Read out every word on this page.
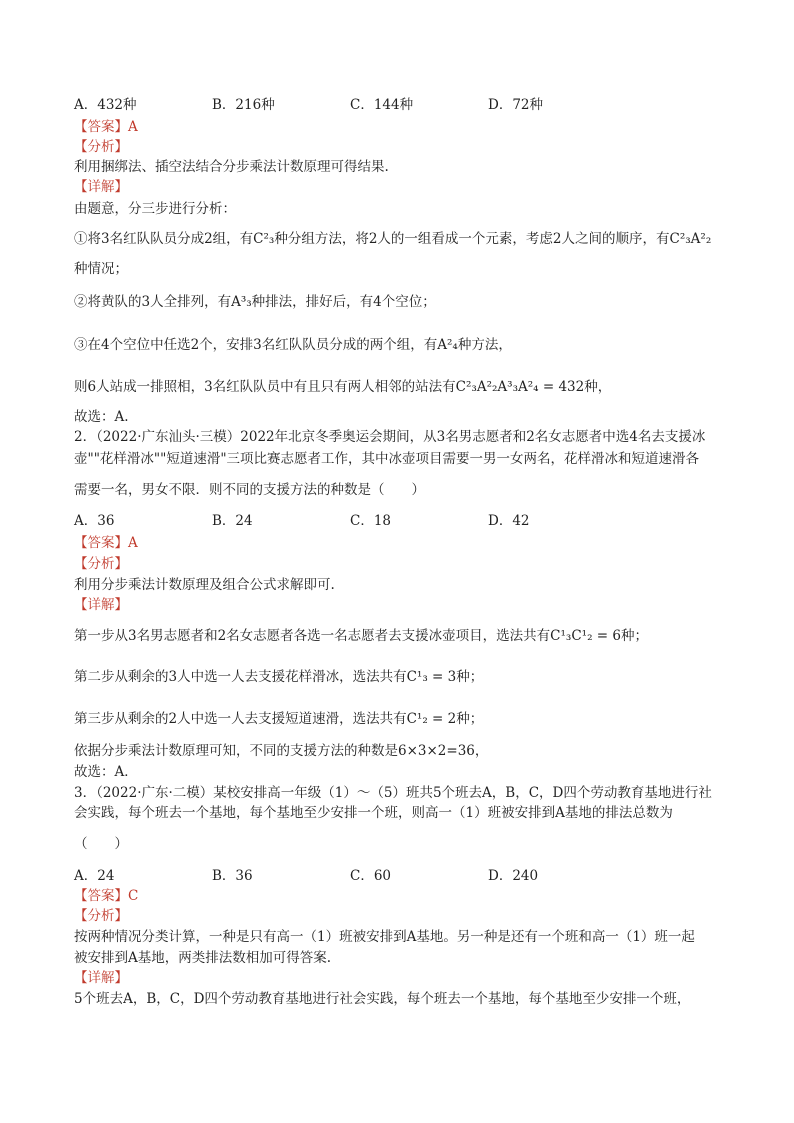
A．432种	B．216种	C．144种	D．72种
【答案】A
【分析】
利用捆绑法、插空法结合分步乘法计数原理可得结果.
【详解】
由题意，分三步进行分析：
①将3名红队队员分成2组，有C²₃种分组方法，将2人的一组看成一个元素，考虑2人之间的顺序，有C²₃A²₂
种情况；
②将黄队的3人全排列，有A³₃种排法，排好后，有4个空位；
③在4个空位中任选2个，安排3名红队队员分成的两个组，有A²₄种方法，
则6人站成一排照相，3名红队队员中有且只有两人相邻的站法有C²₃A²₂A³₃A²₄ = 432种，
故选：A.
2．（2022·广东汕头·三模）2022年北京冬季奥运会期间，从3名男志愿者和2名女志愿者中选4名去支援冰
壶""花样滑冰""短道速滑"三项比赛志愿者工作，其中冰壶项目需要一男一女两名，花样滑冰和短道速滑各
需要一名，男女不限．则不同的支援方法的种数是（　　）
A．36	B．24	C．18	D．42
【答案】A
【分析】
利用分步乘法计数原理及组合公式求解即可.
【详解】
第一步从3名男志愿者和2名女志愿者各选一名志愿者去支援冰壶项目，选法共有C¹₃C¹₂ = 6种；
第二步从剩余的3人中选一人去支援花样滑冰，选法共有C¹₃ = 3种；
第三步从剩余的2人中选一人去支援短道速滑，选法共有C¹₂ = 2种；
依据分步乘法计数原理可知，不同的支援方法的种数是6×3×2=36，
故选：A．
3．（2022·广东·二模）某校安排高一年级（1）～（5）班共5个班去A，B，C，D四个劳动教育基地进行社
会实践，每个班去一个基地，每个基地至少安排一个班，则高一（1）班被安排到A基地的排法总数为
（　　）
A．24	B．36	C．60	D．240
【答案】C
【分析】
按两种情况分类计算，一种是只有高一（1）班被安排到A基地。另一种是还有一个班和高一（1）班一起
被安排到A基地，两类排法数相加可得答案.
【详解】
5个班去A，B，C，D四个劳动教育基地进行社会实践，每个班去一个基地，每个基地至少安排一个班，
